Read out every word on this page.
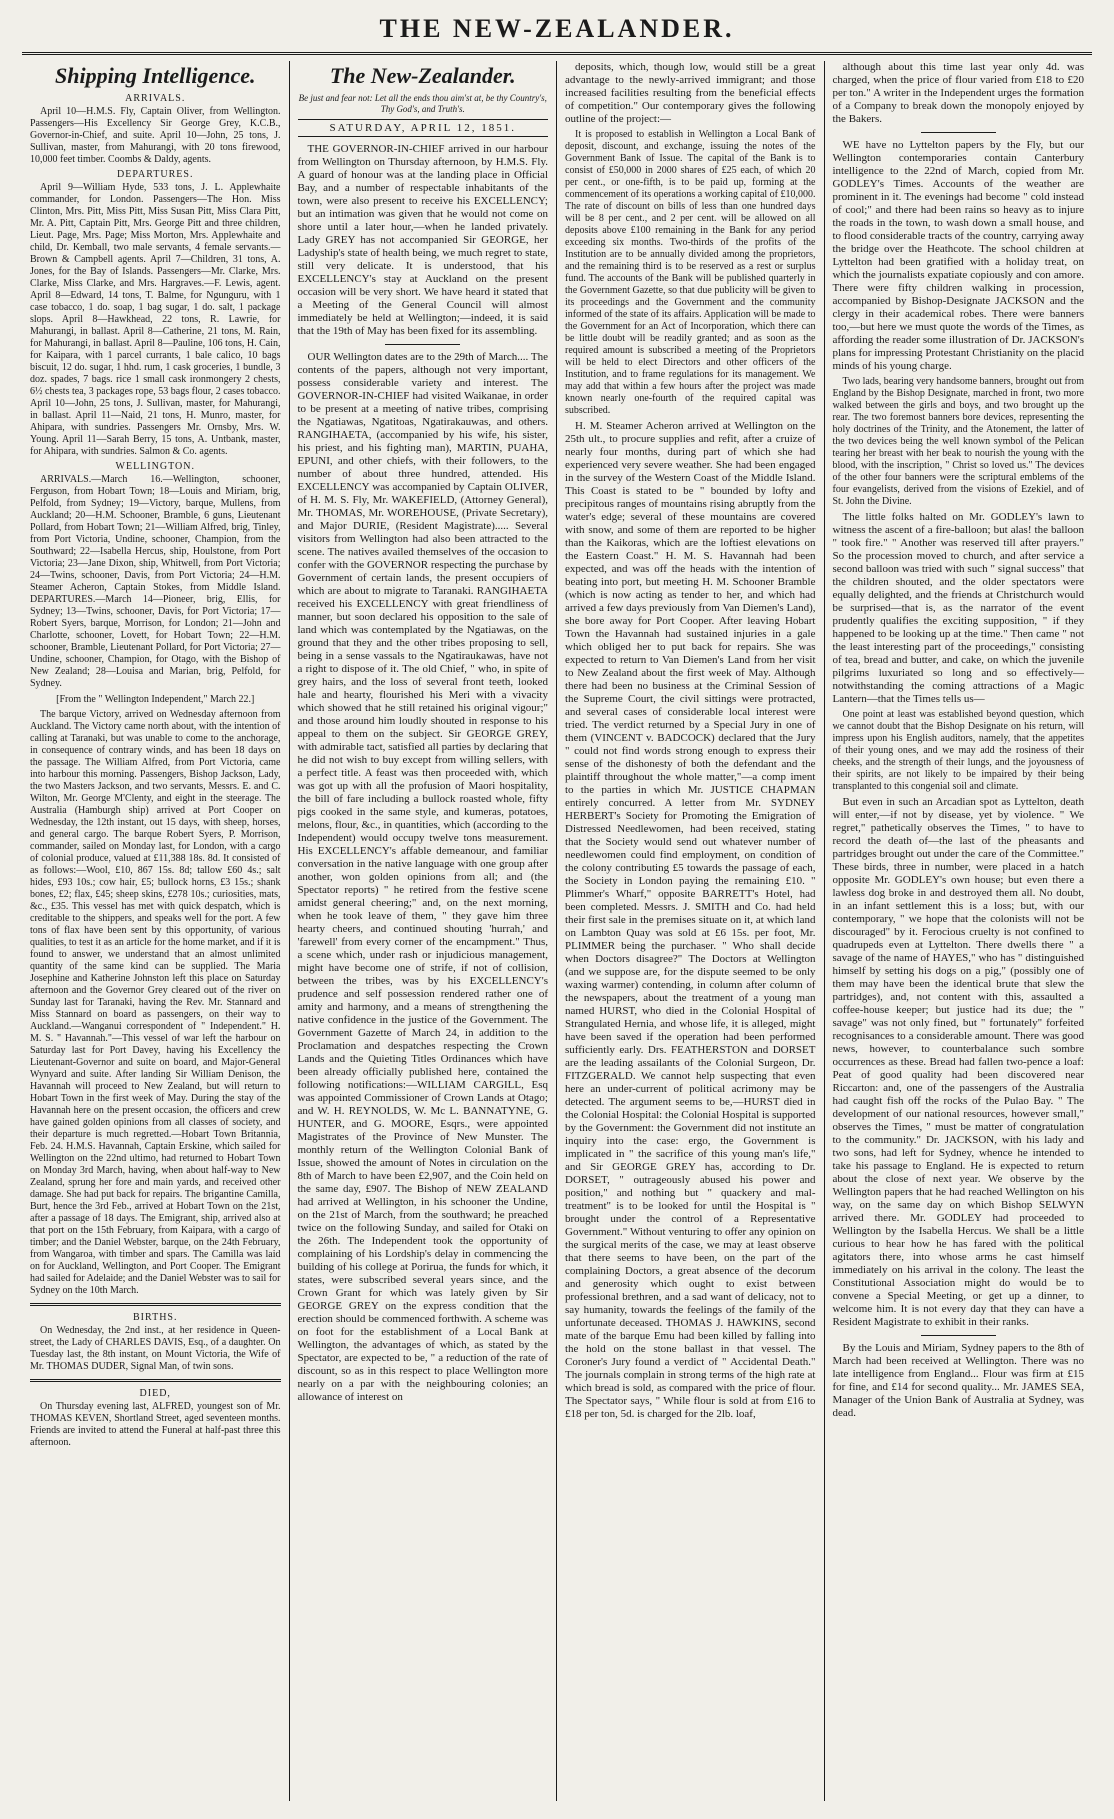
THE NEW-ZEALANDER.
Shipping Intelligence.
ARRIVALS.

April 10—H.M.S. Fly, Captain Oliver, from Wellington. Passengers—His Excellency Sir George Grey, K.C.B., Governor-in-Chief, and suite. April 10—John, 25 tons, J. Sullivan, master, from Mahurangi, with 20 tons firewood, 10,000 feet timber. Coombs & Daldy, agents.

DEPARTURES.

April 9—William Hyde, 533 tons, J. L. Applewhaite commander, for London. Passengers—The Hon. Miss Clinton, Mrs. Pitt, Miss Pitt, Miss Susan Pitt, Miss Clara Pitt, Mr. A. Pitt, Captain Pitt, Mrs. George Pitt and three children, Lieut. Page, Mrs. Page; Miss Morton, Mrs. Applewhaite and child, Dr. Kemball, two male servants, 4 female servants.—Brown & Campbell agents. April 7—Children, 31 tons, A. Jones, for the Bay of Islands. Passengers—Mr. Clarke, Mrs. Clarke, Miss Clarke, and Mrs. Hargraves.—F. Lewis, agent. April 8—Edward, 14 tons, T. Balme, for Ngunguru, with 1 case tobacco, 1 do. soap, 1 bag sugar, 1 do. salt, 1 package slops. April 8—Hawkhead, 22 tons, R. Lawrie, for Mahurangi, in ballast. April 8—Catherine, 21 tons, M. Rain, for Mahurangi, in ballast. April 8—Pauline, 106 tons, H. Cain, for Kaipara, with 1 parcel currants, 1 bale calico, 10 bags biscuit, 12 do. sugar, 1 hhd. rum, 1 cask groceries, 1 bundle, 3 doz. spades, 7 bags. rice 1 small cask ironmongery 2 chests, 6½ chests tea, 3 packages rope, 53 bags flour, 2 cases tobacco. April 10—John, 25 tons, J. Sullivan, master, for Mahurangi, in ballast. April 11—Naid, 21 tons, H. Munro, master, for Ahipara, with sundries. Passengers Mr. Ornsby, Mrs. W. Young. April 11—Sarah Berry, 15 tons, A. Untbank, master, for Ahipara, with sundries. Salmon & Co. agents.

WELLINGTON.

ARRIVALS.—March 16.—Wellington, schooner, Ferguson, from Hobart Town; 18—Louis and Miriam, brig, Pelfold, from Sydney; 19—Victory, barque, Mullens, from Auckland; 20—H.M. Schooner, Bramble, 6 guns, Lieutenant Pollard, from Hobart Town; 21—William Alfred, brig, Tinley, from Port Victoria, Undine, schooner, Champion, from the Southward; 22—Isabella Hercus, ship, Houlstone, from Port Victoria; 23—Jane Dixon, ship, Whitwell, from Port Victoria; 24—Twins, schooner, Davis, from Port Victoria; 24—H.M. Steamer Acheron, Captain Stokes, from Middle Island. DEPARTURES.—March 14—Pioneer, brig, Ellis, for Sydney; 13—Twins, schooner, Davis, for Port Victoria; 17—Robert Syers, barque, Morrison, for London; 21—John and Charlotte, schooner, Lovett, for Hobart Town; 22—H.M. schooner, Bramble, Lieutenant Pollard, for Port Victoria; 27—Undine, schooner, Champion, for Otago, with the Bishop of New Zealand; 28—Louisa and Marian, brig, Pelfold, for Sydney.

[From the " Wellington Independent," March 22.]

The barque Victory, arrived on Wednesday afternoon from Auckland. The Victory came north about, with the intention of calling at Taranaki, but was unable to come to the anchorage, in consequence of contrary winds, and has been 18 days on the passage. The William Alfred, from Port Victoria, came into harbour this morning. Passengers, Bishop Jackson, Lady, the two Masters Jackson, and two servants, Messrs. E. and C. Wilton, Mr. George M'Clenty, and eight in the steerage. The Australia (Hamburgh ship) arrived at Port Cooper on Wednesday, the 12th instant, out 15 days, with sheep, horses, and general cargo. The barque Robert Syers, P. Morrison, commander, sailed on Monday last, for London, with a cargo of colonial produce, valued at £11,388 18s. 8d. It consisted of as follows:—Wool, £10, 867 15s. 8d; tallow £60 4s.; salt hides, £93 10s.; cow hair, £5; bullock horns, £3 15s.; shank bones, £2; flax, £45; sheep skins, £278 10s.; curiosities, mats, &c., £35. This vessel has met with quick despatch, which is creditable to the shippers, and speaks well for the port. A few tons of flax have been sent by this opportunity, of various qualities, to test it as an article for the home market, and if it is found to answer, we understand that an almost unlimited quantity of the same kind can be supplied. The Maria Josephine and Katherine Johnston left this place on Saturday afternoon and the Governor Grey cleared out of the river on Sunday last for Taranaki, having the Rev. Mr. Stannard and Miss Stannard on board as passengers, on their way to Auckland.—Wanganui correspondent of " Independent." H. M. S. " Havannah."—This vessel of war left the harbour on Saturday last for Port Davey, having his Excellency the Lieutenant-Governor and suite on board, and Major-General Wynyard and suite. After landing Sir William Denison, the Havannah will proceed to New Zealand, but will return to Hobart Town in the first week of May. During the stay of the Havannah here on the present occasion, the officers and crew have gained golden opinions from all classes of society, and their departure is much regretted.—Hobart Town Britannia, Feb. 24. H.M.S. Havannah, Captain Erskine, which sailed for Wellington on the 22nd ultimo, had returned to Hobart Town on Monday 3rd March, having, when about half-way to New Zealand, sprung her fore and main yards, and received other damage. She had put back for repairs. The brigantine Camilla, Burt, hence the 3rd Feb., arrived at Hobart Town on the 21st, after a passage of 18 days. The Emigrant, ship, arrived also at that port on the 15th February, from Kaipara, with a cargo of timber; and the Daniel Webster, barque, on the 24th February, from Wangaroa, with timber and spars. The Camilla was laid on for Auckland, Wellington, and Port Cooper. The Emigrant had sailed for Adelaide; and the Daniel Webster was to sail for Sydney on the 10th March.

BIRTHS.

On Wednesday, the 2nd inst., at her residence in Queen-street, the Lady of CHARLES DAVIS, Esq., of a daughter. On Tuesday last, the 8th instant, on Mount Victoria, the Wife of Mr. THOMAS DUDER, Signal Man, of twin sons.

DIED,

On Thursday evening last, ALFRED, youngest son of Mr. THOMAS KEVEN, Shortland Street, aged seventeen months. Friends are invited to attend the Funeral at half-past three this afternoon.

The New-Zealander.

Be just and fear not: Let all the ends thou aim'st at, be thy Country's, Thy God's, and Truth's.

SATURDAY, APRIL 12, 1851.

THE GOVERNOR-IN-CHIEF arrived in our harbour from Wellington on Thursday afternoon, by H.M.S. Fly. A guard of honour was at the landing place in Official Bay, and a number of respectable inhabitants of the town, were also present to receive his EXCELLENCY; but an intimation was given that he would not come on shore until a later hour,—when he landed privately. Lady GREY has not accompanied Sir GEORGE, her Ladyship's state of health being, we much regret to state, still very delicate. It is understood, that his EXCELLENCY's stay at Auckland on the present occasion will be very short. We have heard it stated that a Meeting of the General Council will almost immediately be held at Wellington;—indeed, it is said that the 19th of May has been fixed for its assembling.

OUR Wellington dates are to the 29th of March.... The contents of the papers, although not very important, possess considerable variety and interest. The GOVERNOR-IN-CHIEF had visited Waikanae, in order to be present at a meeting of native tribes, comprising the Ngatiawas, Ngatitoas, Ngatirakauwas, and others. RANGIHAETA, (accompanied by his wife, his sister, his priest, and his fighting man), MARTIN, PUAHA, EPUNI, and other chiefs, with their followers, to the number of about three hundred, attended. His EXCELLENCY was accompanied by Captain OLIVER, of H. M. S. Fly, Mr. WAKEFIELD, (Attorney General), Mr. THOMAS, Mr. WOREHOUSE, (Private Secretary), and Major DURIE, (Resident Magistrate)..... Several visitors from Wellington had also been attracted to the scene. The natives availed themselves of the occasion to confer with the GOVERNOR respecting the purchase by Government of certain lands, the present occupiers of which are about to migrate to Taranaki. RANGIHAETA received his EXCELLENCY with great friendliness of manner, but soon declared his opposition to the sale of land which was contemplated by the Ngatiawas, on the ground that they and the other tribes proposing to sell, being in a sense vassals to the Ngatiraukawas, have not a right to dispose of it. The old Chief, " who, in spite of grey hairs, and the loss of several front teeth, looked hale and hearty, flourished his Meri with a vivacity which showed that he still retained his original vigour;" and those around him loudly shouted in response to his appeal to them on the subject. Sir GEORGE GREY, with admirable tact, satisfied all parties by declaring that he did not wish to buy except from willing sellers, with a perfect title. A feast was then proceeded with, which was got up with all the profusion of Maori hospitality, the bill of fare including a bullock roasted whole, fifty pigs cooked in the same style, and kumeras, potatoes, melons, flour, &c., in quantities, which (according to the Independent) would occupy twelve tons measurement. His EXCELLENCY's affable demeanour, and familiar conversation in the native language with one group after another, won golden opinions from all; and (the Spectator reports) " he retired from the festive scene amidst general cheering;" and, on the next morning, when he took leave of them, " they gave him three hearty cheers, and continued shouting 'hurrah,' and 'farewell' from every corner of the encampment." Thus, a scene which, under rash or injudicious management, might have become one of strife, if not of collision, between the tribes, was by his EXCELLENCY's prudence and self possession rendered rather one of amity and harmony, and a means of strengthening the native confidence in the justice of the Government. The Government Gazette of March 24, in addition to the Proclamation and despatches respecting the Crown Lands and the Quieting Titles Ordinances which have been already officially published here, contained the following notifications:—WILLIAM CARGILL, Esq was appointed Commissioner of Crown Lands at Otago; and W. H. REYNOLDS, W. Mc L. BANNATYNE, G. HUNTER, and G. MOORE, Esqrs., were appointed Magistrates of the Province of New Munster. The monthly return of the Wellington Colonial Bank of Issue, showed the amount of Notes in circulation on the 8th of March to have been £2,907, and the Coin held on the same day, £907. The Bishop of NEW ZEALAND had arrived at Wellington, in his schooner the Undine, on the 21st of March, from the southward; he preached twice on the following Sunday, and sailed for Otaki on the 26th. The Independent took the opportunity of complaining of his Lordship's delay in commencing the building of his college at Porirua, the funds for which, it states, were subscribed several years since, and the Crown Grant for which was lately given by Sir GEORGE GREY on the express condition that the erection should be commenced forthwith. A scheme was on foot for the establishment of a Local Bank at Wellington, the advantages of which, as stated by the Spectator, are expected to be, " a reduction of the rate of discount, so as in this respect to place Wellington more nearly on a par with the neighbouring colonies; an allowance of interest on

deposits, which, though low, would still be a great advantage to the newly-arrived immigrant; and those increased facilities resulting from the beneficial effects of competition." Our contemporary gives the following outline of the project:—

It is proposed to establish in Wellington a Local Bank of deposit, discount, and exchange, issuing the notes of the Government Bank of Issue. The capital of the Bank is to consist of £50,000 in 2000 shares of £25 each, of which 20 per cent., or one-fifth, is to be paid up, forming at the commencement of its operations a working capital of £10,000. The rate of discount on bills of less than one hundred days will be 8 per cent., and 2 per cent. will be allowed on all deposits above £100 remaining in the Bank for any period exceeding six months. Two-thirds of the profits of the Institution are to be annually divided among the proprietors, and the remaining third is to be reserved as a rest or surplus fund. The accounts of the Bank will be published quarterly in the Government Gazette, so that due publicity will be given to its proceedings and the Government and the community informed of the state of its affairs. Application will be made to the Government for an Act of Incorporation, which there can be little doubt will be readily granted; and as soon as the required amount is subscribed a meeting of the Proprietors will be held to elect Directors and other officers of the Institution, and to frame regulations for its management. We may add that within a few hours after the project was made known nearly one-fourth of the required capital was subscribed.

H. M. Steamer Acheron arrived at Wellington on the 25th ult., to procure supplies and refit, after a cruize of nearly four months, during part of which she had experienced very severe weather. She had been engaged in the survey of the Western Coast of the Middle Island. This Coast is stated to be " bounded by lofty and precipitous ranges of mountains rising abruptly from the water's edge; several of these mountains are covered with snow, and some of them are reported to be higher than the Kaikoras, which are the loftiest elevations on the Eastern Coast." H. M. S. Havannah had been expected, and was off the heads with the intention of beating into port, but meeting H. M. Schooner Bramble (which is now acting as tender to her, and which had arrived a few days previously from Van Diemen's Land), she bore away for Port Cooper. After leaving Hobart Town the Havannah had sustained injuries in a gale which obliged her to put back for repairs. She was expected to return to Van Diemen's Land from her visit to New Zealand about the first week of May. Although there had been no business at the Criminal Session of the Supreme Court, the civil sittings were protracted, and several cases of considerable local interest were tried. The verdict returned by a Special Jury in one of them (VINCENT v. BADCOCK) declared that the Jury " could not find words strong enough to express their sense of the dishonesty of both the defendant and the plaintiff throughout the whole matter,"—a comp iment to the parties in which Mr. JUSTICE CHAPMAN entirely concurred. A letter from Mr. SYDNEY HERBERT's Society for Promoting the Emigration of Distressed Needlewomen, had been received, stating that the Society would send out whatever number of needlewomen could find employment, on condition of the colony contributing £5 towards the passage of each, the Society in London paying the remaining £10. " Plimmer's Wharf," opposite BARRETT's Hotel, had been completed. Messrs. J. SMITH and Co. had held their first sale in the premises situate on it, at which land on Lambton Quay was sold at £6 15s. per foot, Mr. PLIMMER being the purchaser. " Who shall decide when Doctors disagree?" The Doctors at Wellington (and we suppose are, for the dispute seemed to be only waxing warmer) contending, in column after column of the newspapers, about the treatment of a young man named HURST, who died in the Colonial Hospital of Strangulated Hernia, and whose life, it is alleged, might have been saved if the operation had been performed sufficiently early. Drs. FEATHERSTON and DORSET are the leading assailants of the Colonial Surgeon, Dr. FITZGERALD. We cannot help suspecting that even here an under-current of political acrimony may be detected. The argument seems to be,—HURST died in the Colonial Hospital: the Colonial Hospital is supported by the Government: the Government did not institute an inquiry into the case: ergo, the Government is implicated in " the sacrifice of this young man's life," and Sir GEORGE GREY has, according to Dr. DORSET, " outrageously abused his power and position," and nothing but " quackery and mal-treatment" is to be looked for until the Hospital is " brought under the control of a Representative Government." Without venturing to offer any opinion on the surgical merits of the case, we may at least observe that there seems to have been, on the part of the complaining Doctors, a great absence of the decorum and generosity which ought to exist between professional brethren, and a sad want of delicacy, not to say humanity, towards the feelings of the family of the unfortunate deceased. THOMAS J. HAWKINS, second mate of the barque Emu had been killed by falling into the hold on the stone ballast in that vessel. The Coroner's Jury found a verdict of " Accidental Death." The journals complain in strong terms of the high rate at which bread is sold, as compared with the price of flour. The Spectator says, " While flour is sold at from £16 to £18 per ton, 5d. is charged for the 2lb. loaf,

although about this time last year only 4d. was charged, when the price of flour varied from £18 to £20 per ton." A writer in the Independent urges the formation of a Company to break down the monopoly enjoyed by the Bakers.

WE have no Lyttelton papers by the Fly, but our Wellington contemporaries contain Canterbury intelligence to the 22nd of March, copied from Mr. GODLEY's Times. Accounts of the weather are prominent in it. The evenings had become " cold instead of cool;" and there had been rains so heavy as to injure the roads in the town, to wash down a small house, and to flood considerable tracts of the country, carrying away the bridge over the Heathcote. The school children at Lyttelton had been gratified with a holiday treat, on which the journalists expatiate copiously and con amore. There were fifty children walking in procession, accompanied by Bishop-Designate JACKSON and the clergy in their academical robes. There were banners too,—but here we must quote the words of the Times, as affording the reader some illustration of Dr. JACKSON's plans for impressing Protestant Christianity on the placid minds of his young charge.

Two lads, bearing very handsome banners, brought out from England by the Bishop Designate, marched in front, two more walked between the girls and boys, and two brought up the rear. The two foremost banners bore devices, representing the holy doctrines of the Trinity, and the Atonement, the latter of the two devices being the well known symbol of the Pelican tearing her breast with her beak to nourish the young with the blood, with the inscription, " Christ so loved us." The devices of the other four banners were the scriptural emblems of the four evangelists, derived from the visions of Ezekiel, and of St. John the Divine.

The little folks halted on Mr. GODLEY's lawn to witness the ascent of a fire-balloon; but alas! the balloon " took fire." " Another was reserved till after prayers." So the procession moved to church, and after service a second balloon was tried with such " signal success" that the children shouted, and the older spectators were equally delighted, and the friends at Christchurch would be surprised—that is, as the narrator of the event prudently qualifies the exciting supposition, " if they happened to be looking up at the time." Then came " not the least interesting part of the proceedings," consisting of tea, bread and butter, and cake, on which the juvenile pilgrims luxuriated so long and so effectively—notwithstanding the coming attractions of a Magic Lantern—that the Times tells us—

One point at least was established beyond question, which we cannot doubt that the Bishop Designate on his return, will impress upon his English auditors, namely, that the appetites of their young ones, and we may add the rosiness of their cheeks, and the strength of their lungs, and the joyousness of their spirits, are not likely to be impaired by their being transplanted to this congenial soil and climate.

But even in such an Arcadian spot as Lyttelton, death will enter,—if not by disease, yet by violence. " We regret," pathetically observes the Times, " to have to record the death of—the last of the pheasants and partridges brought out under the care of the Committee." These birds, three in number, were placed in a hatch opposite Mr. GODLEY's own house; but even there a lawless dog broke in and destroyed them all. No doubt, in an infant settlement this is a loss; but, with our contemporary, " we hope that the colonists will not be discouraged" by it. Ferocious cruelty is not confined to quadrupeds even at Lyttelton. There dwells there " a savage of the name of HAYES," who has " distinguished himself by setting his dogs on a pig," (possibly one of them may have been the identical brute that slew the partridges), and, not content with this, assaulted a coffee-house keeper; but justice had its due; the " savage" was not only fined, but " fortunately" forfeited recognisances to a considerable amount. There was good news, however, to counterbalance such sombre occurrences as these. Bread had fallen two-pence a loaf: Peat of good quality had been discovered near Riccarton: and, one of the passengers of the Australia had caught fish off the rocks of the Pulao Bay. " The development of our national resources, however small," observes the Times, " must be matter of congratulation to the community." Dr. JACKSON, with his lady and two sons, had left for Sydney, whence he intended to take his passage to England. He is expected to return about the close of next year. We observe by the Wellington papers that he had reached Wellington on his way, on the same day on which Bishop SELWYN arrived there. Mr. GODLEY had proceeded to Wellington by the Isabella Hercus. We shall be a little curious to hear how he has fared with the political agitators there, into whose arms he cast himself immediately on his arrival in the colony. The least the Constitutional Association might do would be to convene a Special Meeting, or get up a dinner, to welcome him. It is not every day that they can have a Resident Magistrate to exhibit in their ranks.

By the Louis and Miriam, Sydney papers to the 8th of March had been received at Wellington. There was no late intelligence from England... Flour was firm at £15 for fine, and £14 for second quality... Mr. JAMES SEA, Manager of the Union Bank of Australia at Sydney, was dead.
